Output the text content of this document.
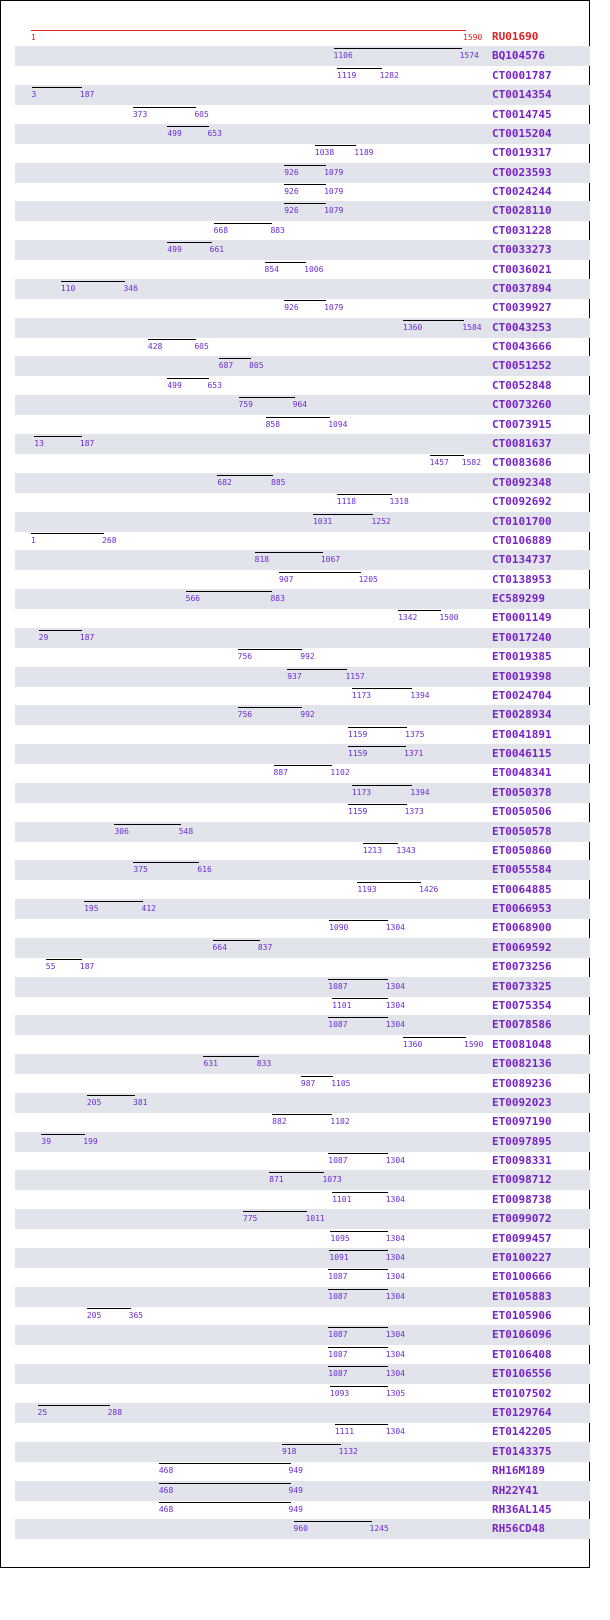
1	1590 RU01690
1106	1574 BQ104576
1119	1282	CT0001787
3	187	CT0014354
373	605	CT0014745
499	653	CT0015204
1038	1189	CT0019317
926	1079	CT0023593
926	1079	CT0024244
926	1079	CT0028110
668	883	CT0031228
499	661	CT0033273
854	1006	CT0036021
110	346	CT0037894
926	1079	CT0039927
1360	1584 CT0043253
428	605	CT0043666
687 805	CT0051252
499	653	CT0052848
759	964	CT0073260
858	1094	CT0073915
13	187	CT0081637
1457 1582 CT0083686
682	885	CT0092348
1118	1318	CT0092692
1031	1252	CT0101700
1	268	CT0106889
818	1067	CT0134737
907	1205	CT0138953
566	883	EC589299
1342	1500	ET0001149
29	187	ET0017240
756	992	ET0019385
937	1157	ET0019398
1173	1394	ET0024704
756	992	ET0028934
1159	1375	ET0041891
1159	1371	ET0046115
887	1102	ET0048341
1173	1394	ET0050378
1159	1373	ET0050506
306	548	ET0050578
1213 1343	ET0050860
375	616	ET0055584
1193	1426	ET0064885
195	412	ET0066953
1090	1304	ET0068900
664	837	ET0069592
55	187	ET0073256
1087	1304	ET0073325
1101	1304	ET0075354
1087	1304	ET0078586
1360	1590 ET0081048
631	833	ET0082136
987 1105	ET0089236
205	381	ET0092023
882	1102	ET0097190
39	199	ET0097895
1087	1304	ET0098331
871	1073	ET0098712
1101	1304	ET0098738
775	1011	ET0099072
1095	1304	ET0099457
1091	1304	ET0100227
1087	1304	ET0100666
1087	1304	ET0105883
205	365	ET0105906
1087	1304	ET0106096
1087	1304	ET0106408
1087	1304	ET0106556
1093	1305	ET0107502
25	288	ET0129764
1111	1304	ET0142205
918	1132	ET0143375
468	949	RH16M189
468	949	RH22Y41
468	949	RH36AL145
960	1245	RH56CD48
